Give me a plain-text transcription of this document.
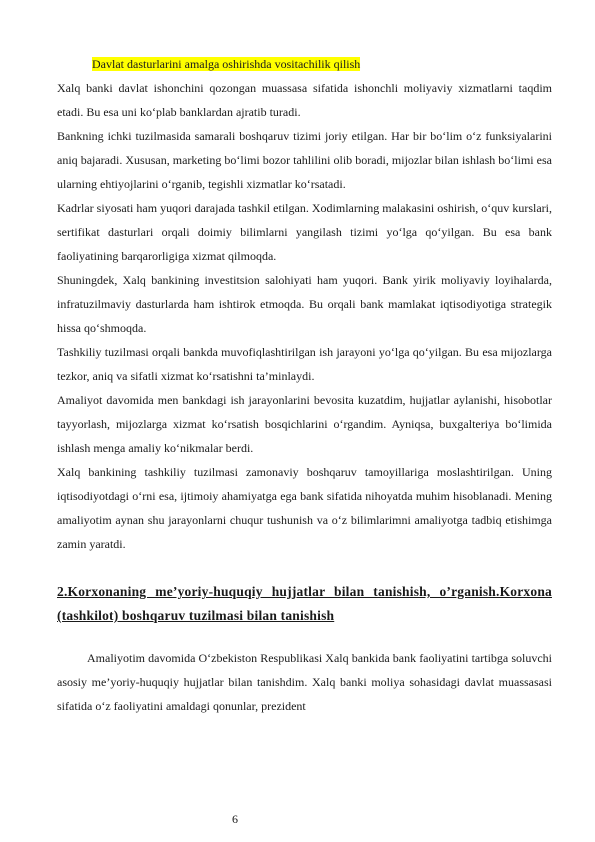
Davlat dasturlarini amalga oshirishda vositachilik qilish

Xalq banki davlat ishonchini qozongan muassasa sifatida ishonchli moliyaviy xizmatlarni taqdim etadi. Bu esa uni ko‘plab banklardan ajratib turadi.

Bankning ichki tuzilmasida samarali boshqaruv tizimi joriy etilgan. Har bir bo‘lim o‘z funksiyalarini aniq bajaradi. Xususan, marketing bo‘limi bozor tahlilini olib boradi, mijozlar bilan ishlash bo‘limi esa ularning ehtiyojlarini o‘rganib, tegishli xizmatlar ko‘rsatadi.

Kadrlar siyosati ham yuqori darajada tashkil etilgan. Xodimlarning malakasini oshirish, o‘quv kurslari, sertifikat dasturlari orqali doimiy bilimlarni yangilash tizimi yo‘lga qo‘yilgan. Bu esa bank faoliyatining barqarorligiga xizmat qilmoqda.

Shuningdek, Xalq bankining investitsion salohiyati ham yuqori. Bank yirik moliyaviy loyihalarda, infratuzilmaviy dasturlarda ham ishtirok etmoqda. Bu orqali bank mamlakat iqtisodiyotiga strategik hissa qo‘shmoqda.

Tashkiliy tuzilmasi orqali bankda muvofiqlashtirilgan ish jarayoni yo‘lga qo‘yilgan. Bu esa mijozlarga tezkor, aniq va sifatli xizmat ko‘rsatishni ta’minlaydi.

Amaliyot davomida men bankdagi ish jarayonlarini bevosita kuzatdim, hujjatlar aylanishi, hisobotlar tayyorlash, mijozlarga xizmat ko‘rsatish bosqichlarini o‘rgandim. Ayniqsa, buxgalteriya bo‘limida ishlash menga amaliy ko‘nikmalar berdi.

Xalq bankining tashkiliy tuzilmasi zamonaviy boshqaruv tamoyillariga moslashtirilgan. Uning iqtisodiyotdagi o‘rni esa, ijtimoiy ahamiyatga ega bank sifatida nihoyatda muhim hisoblanadi. Mening amaliyotim aynan shu jarayonlarni chuqur tushunish va o‘z bilimlarimni amaliyotga tadbiq etishimga zamin yaratdi.

2.Korxonaning me’yoriy-huquqiy hujjatlar bilan tanishish, o’rganish.Korxona (tashkilot) boshqaruv tuzilmasi bilan tanishish

Amaliyotim davomida O‘zbekiston Respublikasi Xalq bankida bank faoliyatini tartibga soluvchi asosiy me’yoriy-huquqiy hujjatlar bilan tanishdim. Xalq banki moliya sohasidagi davlat muassasasi sifatida o‘z faoliyatini amaldagi qonunlar, prezident

6
